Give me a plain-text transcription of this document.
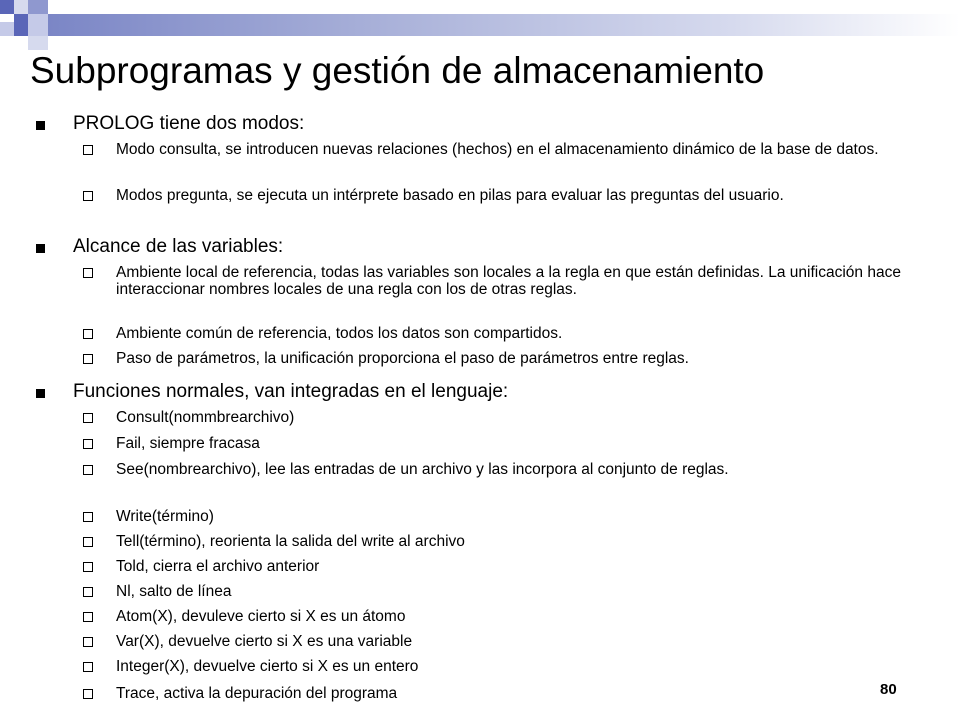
Subprogramas y gestión de almacenamiento
PROLOG tiene dos modos:
Modo consulta, se introducen nuevas relaciones (hechos) en el almacenamiento dinámico de la base de datos.
Modos pregunta, se ejecuta un intérprete basado en pilas para evaluar las preguntas del usuario.
Alcance de las variables:
Ambiente local de referencia, todas las variables son locales a la regla en que están definidas. La unificación hace interaccionar nombres locales de una regla con los de otras reglas.
Ambiente común de referencia, todos los datos son compartidos.
Paso de parámetros, la unificación proporciona el paso de parámetros entre reglas.
Funciones normales, van integradas en el lenguaje:
Consult(nommbrearchivo)
Fail, siempre fracasa
See(nombrearchivo), lee las entradas de un archivo y las incorpora al conjunto de reglas.
Write(término)
Tell(término), reorienta la salida del write al archivo
Told, cierra el archivo anterior
Nl, salto de línea
Atom(X), devuleve cierto si X es un átomo
Var(X), devuelve cierto si X es una variable
Integer(X), devuelve cierto si X es un entero
Trace, activa la depuración del programa	80
